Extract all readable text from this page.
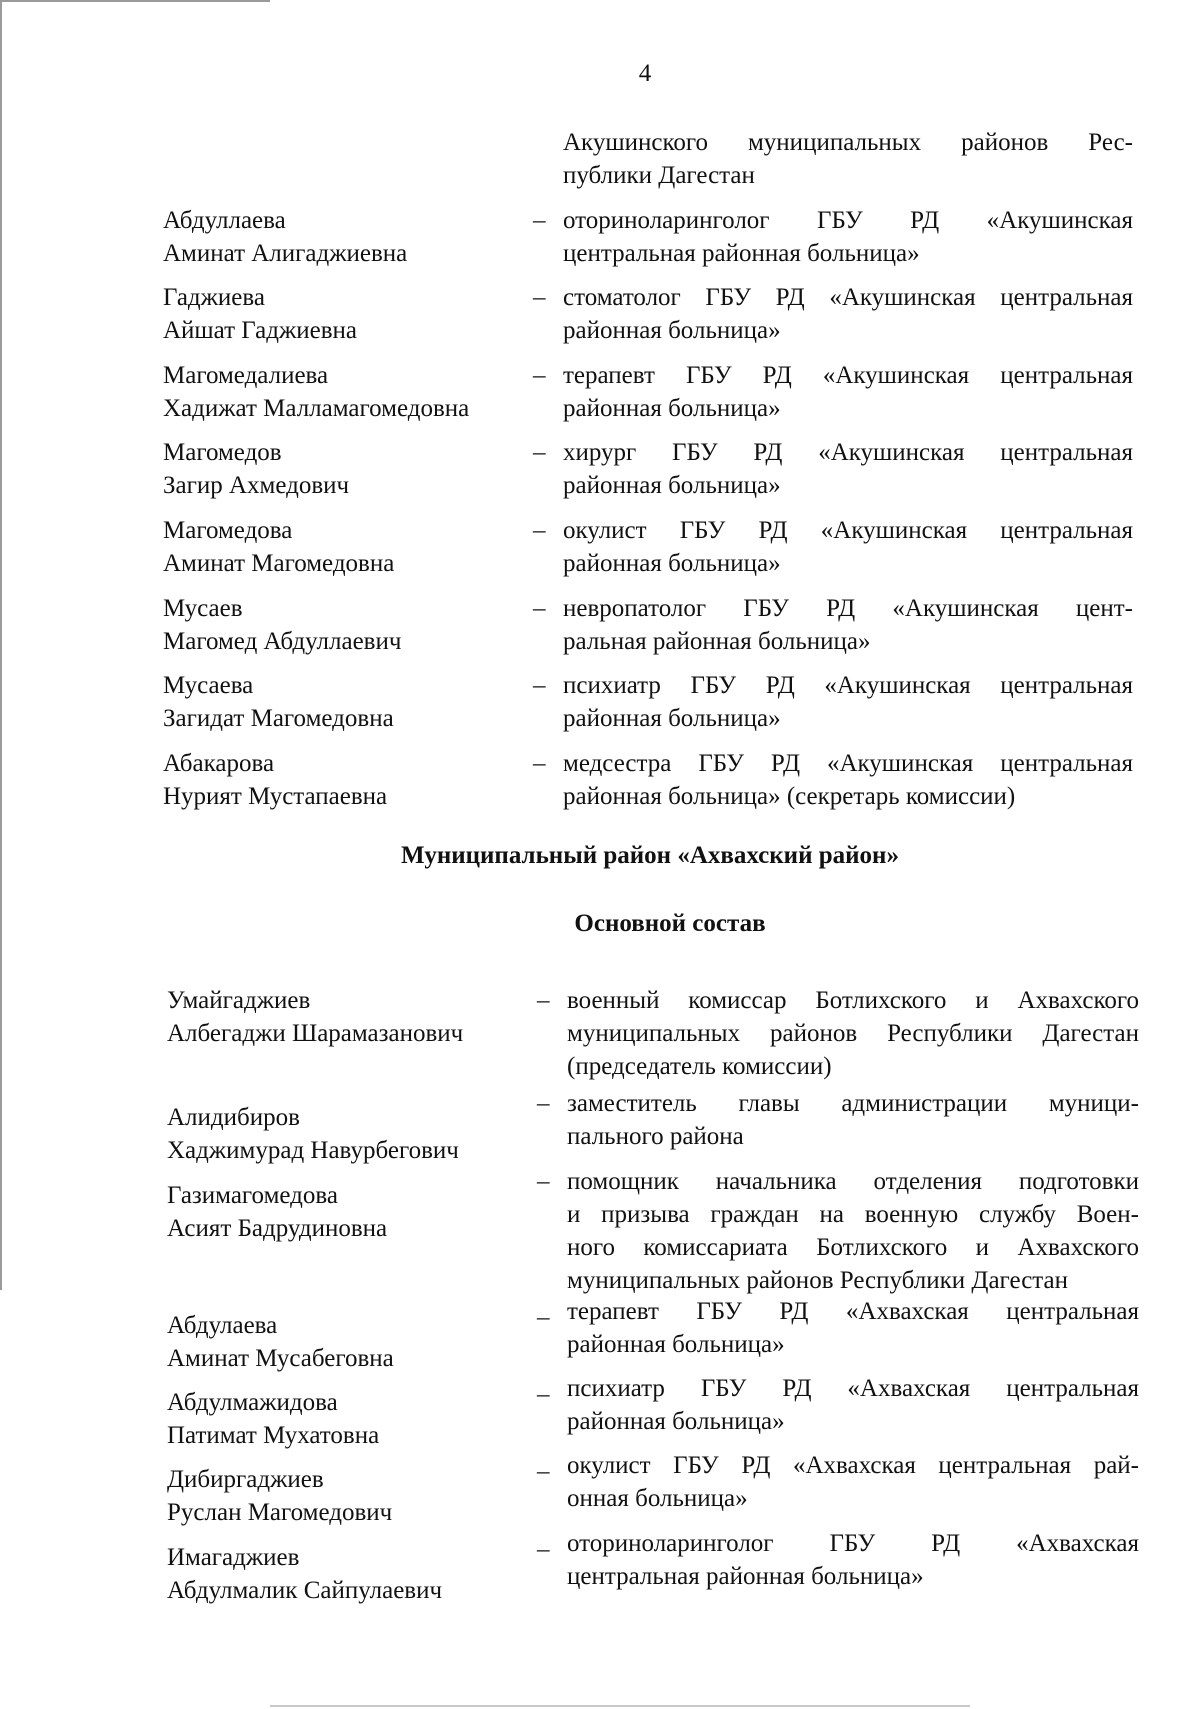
4
Акушинского муниципальных районов Рес-
публики Дагестан
Абдуллаева
Аминат Алигаджиевна
– оториноларинголог ГБУ РД «Акушинская
центральная районная больница»
Гаджиева
Айшат Гаджиевна
– стоматолог ГБУ РД «Акушинская центральная
районная больница»
Магомедалиева
Хадижат Малламагомедовна
– терапевт ГБУ РД «Акушинская центральная
районная больница»
Магомедов
Загир Ахмедович
– хирург ГБУ РД «Акушинская центральная
районная больница»
Магомедова
Аминат Магомедовна
– окулист ГБУ РД «Акушинская центральная
районная больница»
Мусаев
Магомед Абдуллаевич
– невропатолог ГБУ РД «Акушинская цент-
ральная районная больница»
Мусаева
Загидат Магомедовна
– психиатр ГБУ РД «Акушинская центральная
районная больница»
Абакарова
Нурият Мустапаевна
– медсестра ГБУ РД «Акушинская центральная
районная больница» (секретарь комиссии)
Муниципальный район «Ахвахский район»
Основной состав
Умайгаджиев
Албегаджи Шарамазанович
– военный комиссар Ботлихского и Ахвахского
муниципальных районов Республики Дагестан
(председатель комиссии)
Алидибиров
Хаджимурад Навурбегович
– заместитель главы администрации муници-
пального района
Газимагомедова
Асият Бадрудиновна
– помощник начальника отделения подготовки
и призыва граждан на военную службу Воен-
ного комиссариата Ботлихского и Ахвахского
муниципальных районов Республики Дагестан
Абдулаева
Аминат Мусабеговна
– терапевт ГБУ РД «Ахвахская центральная
районная больница»
Абдулмажидова
Патимат Мухатовна
– психиатр ГБУ РД «Ахвахская центральная
районная больница»
Дибиргаджиев
Руслан Магомедович
– окулист ГБУ РД «Ахвахская центральная рай-
онная больница»
Имагаджиев
Абдулмалик Сайпулаевич
– оториноларинголог ГБУ РД «Ахвахская
центральная районная больница»
